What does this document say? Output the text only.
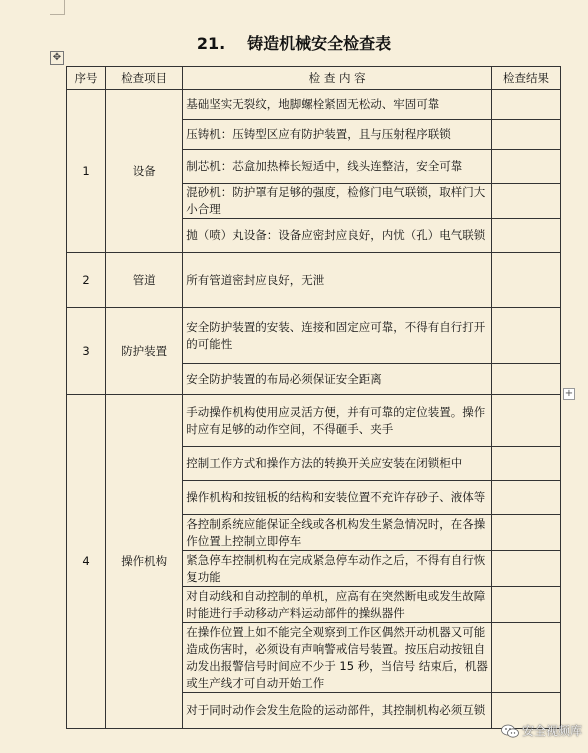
✥
21. 铸造机械安全检查表
序号	检查项目	检 查 内 容	检查结果
1	设备	基础坚实无裂纹，地脚螺栓紧固无松动、牢固可靠	
		压铸机：压铸型区应有防护装置，且与压射程序联锁	
		制芯机：芯盒加热棒长短适中，线头连整洁，安全可靠	
		混砂机：防护罩有足够的强度，检修门电气联锁，取样门大小合理	
		抛（喷）丸设备：设备应密封应良好，内忧（孔）电气联锁	
2	管道	所有管道密封应良好，无泄	
3	防护装置	安全防护装置的安装、连接和固定应可靠，不得有自行打开的可能性	
		安全防护装置的布局必须保证安全距离	
4	操作机构	手动操作机构使用应灵活方便，并有可靠的定位装置。操作时应有足够的动作空间，不得砸手、夹手	
		控制工作方式和操作方法的转换开关应安装在闭锁柜中	
		操作机构和按钮板的结构和安装位置不充许存砂子、液体等	
		各控制系统应能保证全线或各机构发生紧急情况时，在各操作位置上控制立即停车	
		紧急停车控制机构在完成紧急停车动作之后，不得有自行恢复功能	
		对自动线和自动控制的单机，应高有在突然断电或发生故障时能进行手动移动产料运动部件的操纵器件	
		在操作位置上如不能完全观察到工作区偶然开动机器又可能造成伤害时，必须设有声响警戒信号装置。按压启动按钮自动发出报警信号时间应不少于 15 秒，当信号 结束后，机器或生产线才可自动开始工作	
		对于同时动作会发生危险的运动部件，其控制机构必须互锁	
+
安全视频库
